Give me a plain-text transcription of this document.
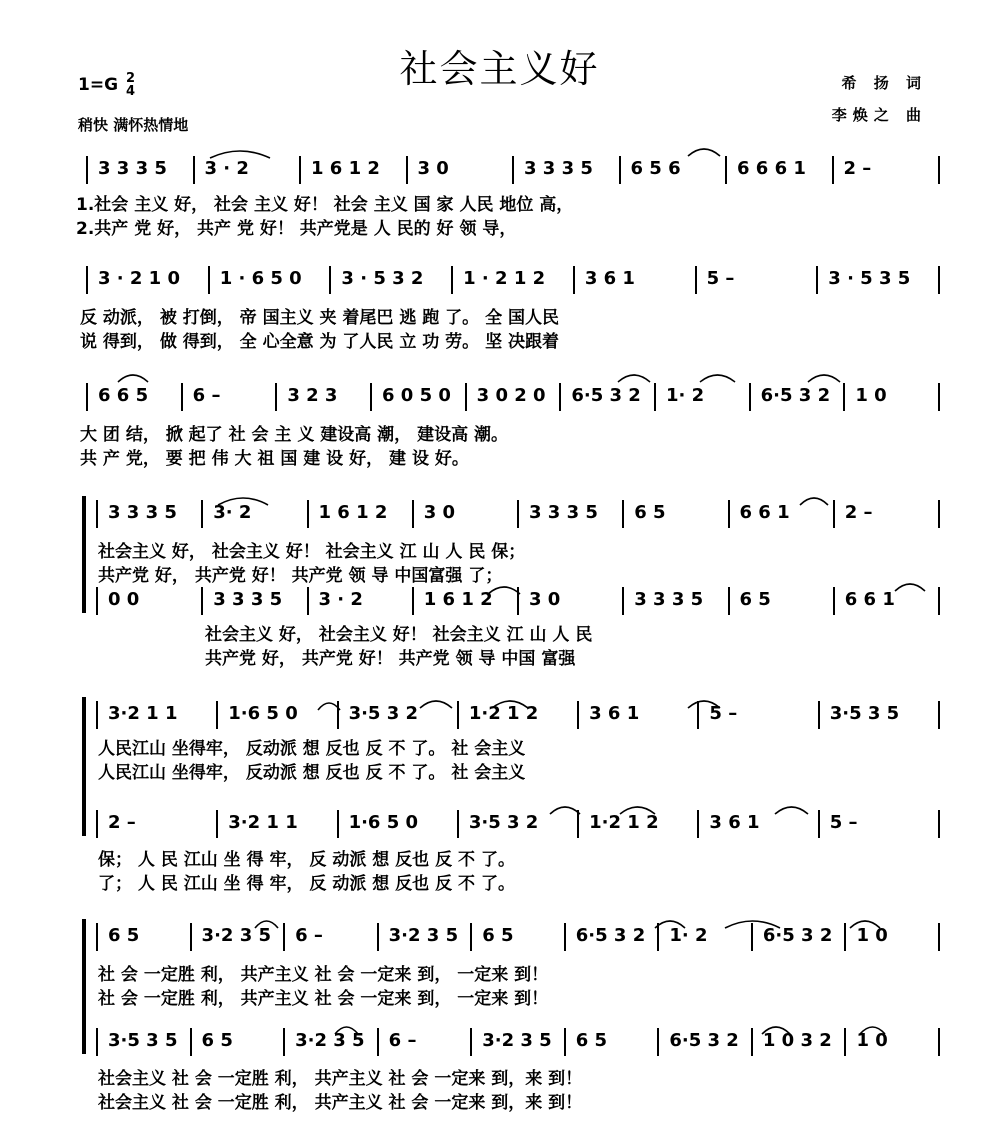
社会主义好
1=G 2
4
稍快 满怀热情地
希 扬 词
李焕之 曲
3 3 3 5	3 · 2	1 6 1 2	3 0	3 3 3 5	6 5 6	6 6 6 1	2 –
1.社会 主义 好， 社会 主义 好！ 社会 主义 国 家 人民 地位 高，
2.共产 党 好， 共产 党 好！ 共产党是 人 民的 好 领 导，
3 · 2 1 0	1 · 6 5 0	3 · 5 3 2	1 · 2 1 2	3 6 1	5 –	3 · 5 3 5
反 动派， 被 打倒， 帝 国主义 夹 着尾巴 逃 跑 了。 全 国人民
说 得到， 做 得到， 全 心全意 为 了人民 立 功 劳。 坚 决跟着
6 6 5	6 –	3 2 3	6 0 5 0	3 0 2 0	6·5 3 2	1· 2	6·5 3 2	1 0
大 团 结， 掀 起了 社 会 主 义 建设高 潮， 建设高 潮。
共 产 党， 要 把 伟 大 祖 国 建 设 好， 建 设 好。
3 3 3 5	3· 2	1 6 1 2	3 0	3 3 3 5	6 5	6 6 1	2 –
社会主义 好， 社会主义 好！ 社会主义 江 山 人 民 保；
共产党 好， 共产党 好！ 共产党 领 导 中国富强 了；
0 0	3 3 3 5	3 · 2	1 6 1 2	3 0	3 3 3 5	6 5	6 6 1
社会主义 好， 社会主义 好！ 社会主义 江 山 人 民
共产党 好， 共产党 好！ 共产党 领 导 中国 富强
3·2 1 1	1·6 5 0	3·5 3 2	1·2 1 2	3 6 1	5 –	3·5 3 5
人民江山 坐得牢， 反动派 想 反也 反 不 了。 社 会主义
人民江山 坐得牢， 反动派 想 反也 反 不 了。 社 会主义
2 –	3·2 1 1	1·6 5 0	3·5 3 2	1·2 1 2	3 6 1	5 –
保； 人 民 江山 坐 得 牢， 反 动派 想 反也 反 不 了。
了； 人 民 江山 坐 得 牢， 反 动派 想 反也 反 不 了。
6 5	3·2 3 5	6 –	3·2 3 5	6 5	6·5 3 2	1· 2	6·5 3 2	1 0
社 会 一定胜 利， 共产主义 社 会 一定来 到， 一定来 到！
社 会 一定胜 利， 共产主义 社 会 一定来 到， 一定来 到！
3·5 3 5	6 5	3·2 3 5	6 –	3·2 3 5	6 5	6·5 3 2	1 0 3 2	1 0
社会主义 社 会 一定胜 利， 共产主义 社 会 一定来 到，来 到！
社会主义 社 会 一定胜 利， 共产主义 社 会 一定来 到，来 到！
